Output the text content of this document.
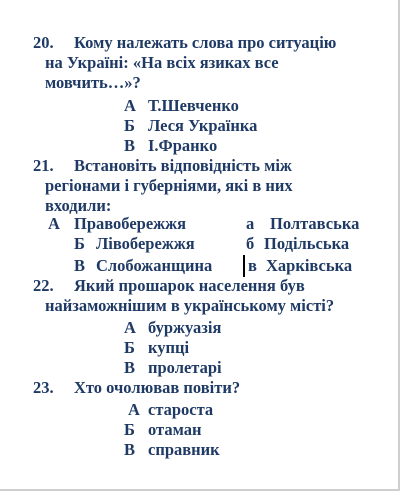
20. Кому належать слова про ситуацію
на Україні: «На всіх язиках все
мовчить…»?
А Т.Шевченко
Б Леся Українка
В І.Франко
21. Встановіть відповідність між
регіонами і губерніями, які в них
входили:
А Правобережжя	а Полтавська
Б Лівобережжя	б Подільська
В Слобожанщина в Харківська
22. Який прошарок населення був
найзаможнішим в українському місті?
А буржуазія
Б купці
В пролетарі
23. Хто очолював повіти?
А староста
Б отаман
В справник
